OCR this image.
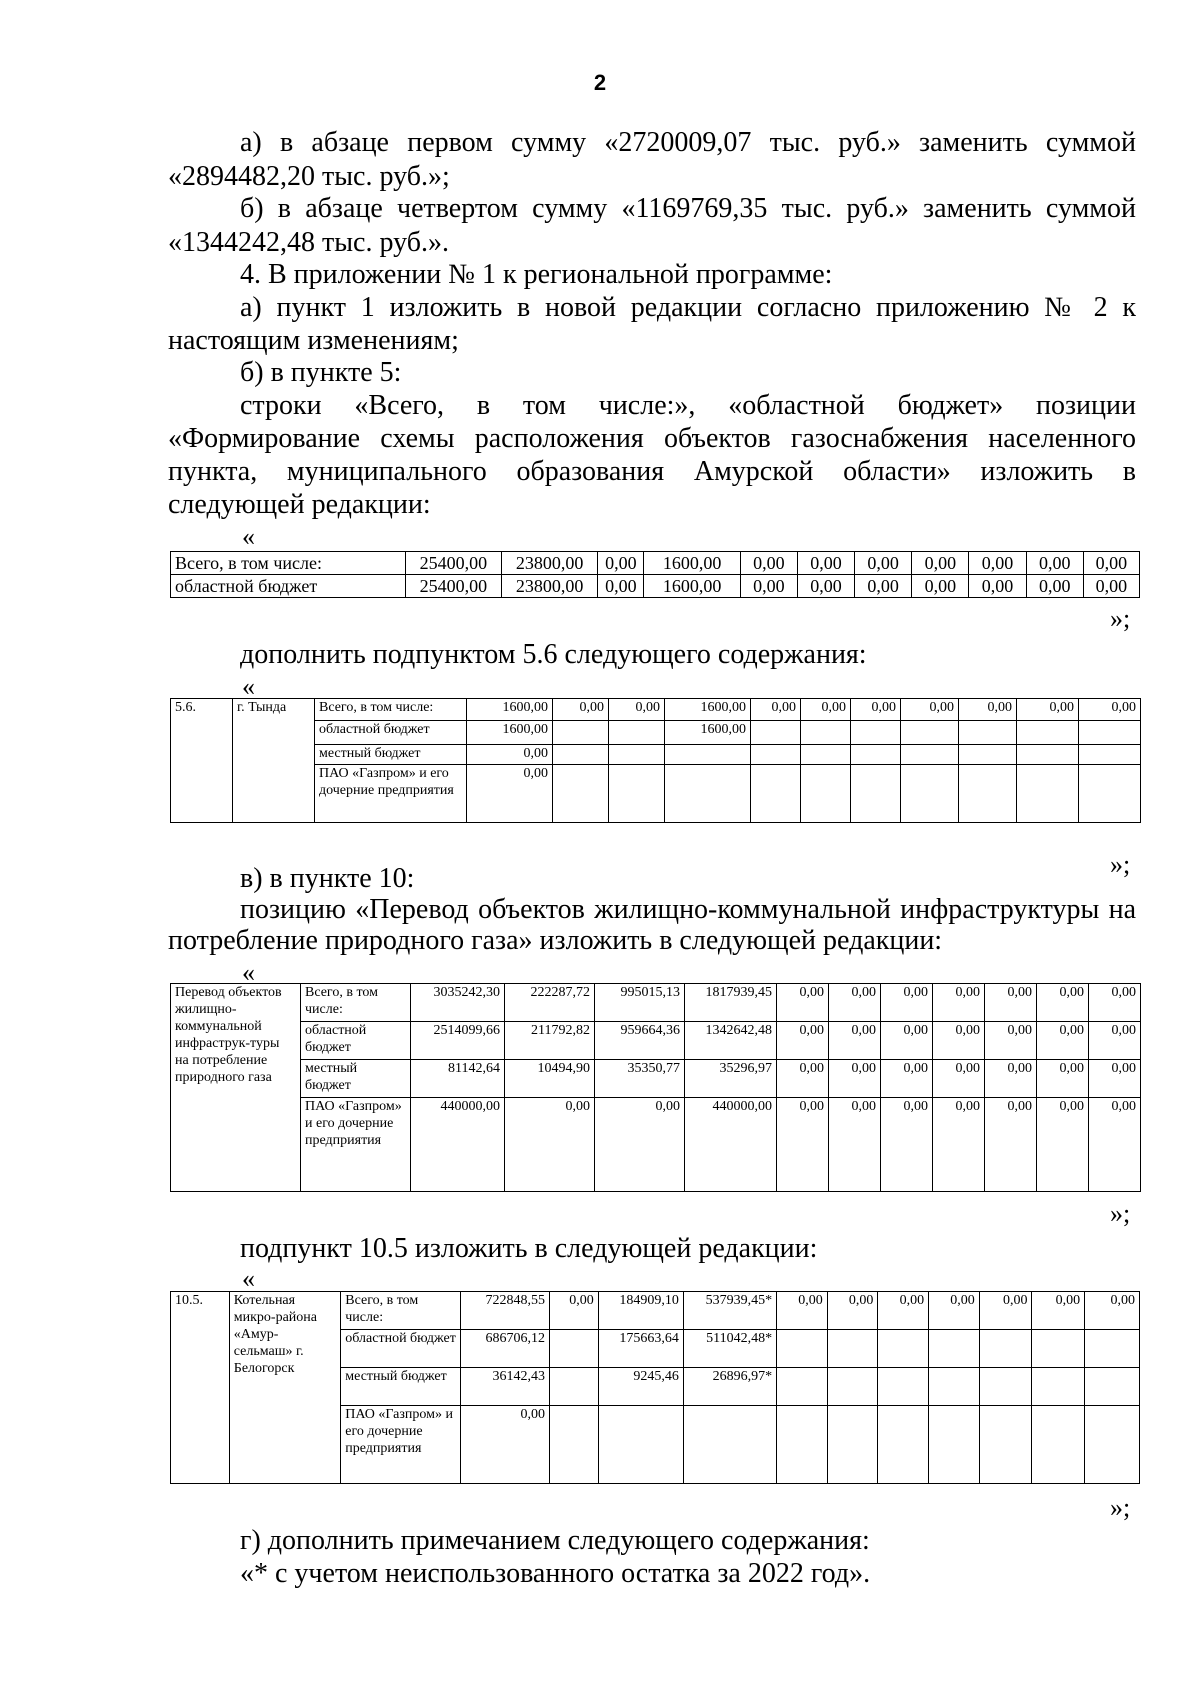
2
а) в абзаце первом сумму «2720009,07 тыс. руб.» заменить суммой
«2894482,20 тыс. руб.»;
б) в абзаце четвертом сумму «1169769,35 тыс. руб.» заменить суммой
«1344242,48 тыс. руб.».
4. В приложении № 1 к региональной программе:
а) пункт 1 изложить в новой редакции согласно приложению № 2 к
настоящим изменениям;
б) в пункте 5:
строки «Всего, в том числе:», «областной бюджет» позиции
«Формирование схемы расположения объектов газоснабжения населенного
пункта, муниципального образования Амурской области» изложить в
следующей редакции:
«
Всего, в том числе:	25400,00	23800,00	0,00	1600,00	0,00	0,00	0,00	0,00	0,00	0,00	0,00
областной бюджет	25400,00	23800,00	0,00	1600,00	0,00	0,00	0,00	0,00	0,00	0,00	0,00
»;
дополнить подпунктом 5.6 следующего содержания:
«
5.6.	г. Тында	Всего, в том числе:	1600,00	0,00	0,00	1600,00	0,00	0,00	0,00	0,00	0,00	0,00	0,00
		областной бюджет	1600,00			1600,00							
		местный бюджет	0,00										
		ПАО «Газпром» и его дочерние предприятия	0,00										
»;
в) в пункте 10:
позицию «Перевод объектов жилищно-коммунальной инфраструктуры на
потребление природного газа» изложить в следующей редакции:
«
Перевод объектов жилищно-коммунальной инфраструк-туры на потребление природного газа	Всего, в том числе:	3035242,30	222287,72	995015,13	1817939,45	0,00	0,00	0,00	0,00	0,00	0,00	0,00
	областной бюджет	2514099,66	211792,82	959664,36	1342642,48	0,00	0,00	0,00	0,00	0,00	0,00	0,00
	местный бюджет	81142,64	10494,90	35350,77	35296,97	0,00	0,00	0,00	0,00	0,00	0,00	0,00
	ПАО «Газпром» и его дочерние предприятия	440000,00	0,00	0,00	440000,00	0,00	0,00	0,00	0,00	0,00	0,00	0,00
»;
подпункт 10.5 изложить в следующей редакции:
«
10.5.	Котельная микро-района «Амур-сельмаш» г. Белогорск	Всего, в том числе:	722848,55	0,00	184909,10	537939,45*	0,00	0,00	0,00	0,00	0,00	0,00	0,00
		областной бюджет	686706,12		175663,64	511042,48*							
		местный бюджет	36142,43		9245,46	26896,97*							
		ПАО «Газпром» и его дочерние предприятия	0,00										
»;
г) дополнить примечанием следующего содержания:
«* с учетом неиспользованного остатка за 2022 год».
